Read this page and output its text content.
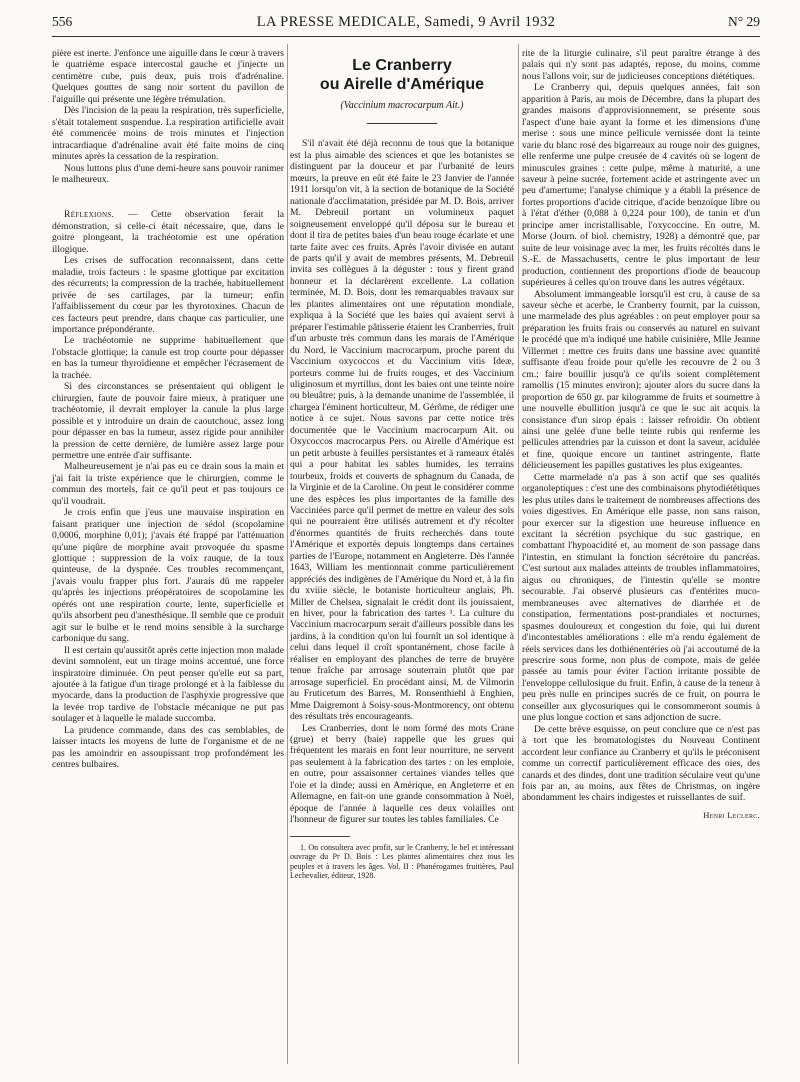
556	LA PRESSE MEDICALE, Samedi, 9 Avril 1932	N° 29

pière est inerte. J'enfonce une aiguille dans le cœur à travers le quatrième espace intercostal gauche et j'injecte un centimètre cube, puis deux, puis trois d'adrénaline. Quelques gouttes de sang noir sortent du pavillon de l'aiguille qui présente une légère trémulation.

Dès l'incision de la peau la respiration, très superficielle, s'était totalement suspendue. La respiration artificielle avait été commencée moins de trois minutes et l'injection intracardiaque d'adrénaline avait été faite moins de cinq minutes après la cessation de la respiration.

Nous luttons plus d'une demi-heure sans pouvoir ranimer le malheureux.

Réflexions. — Cette observation ferait la démonstration, si celle-ci était nécessaire, que, dans le goitre plongeant, la trachéotomie est une opération illogique.

Les crises de suffocation reconnaissent, dans cette maladie, trois facteurs : le spasme glottique par excitation des récurrents; la compression de la trachée, habituellement privée de ses cartilages, par la tumeur; enfin l'affaiblissement du cœur par les thyrotoxines. Chacun de ces facteurs peut prendre, dans chaque cas particulier, une importance prépondérante.

Le trachéotomie ne supprime habituellement que l'obstacle glottique; la canule est trop courte pour dépasser en bas la tumeur thyroïdienne et empêcher l'écrasement de la trachée.

Si des circonstances se présentaient qui obligent le chirurgien, faute de pouvoir faire mieux, à pratiquer une trachéotomie, il devrait employer la canule la plus large possible et y introduire un drain de caoutchouc, assez long pour dépasser en bas la tumeur, assez rigide pour annihiler la pression de cette dernière, de lumière assez large pour permettre une entrée d'air suffisante.

Malheureusement je n'ai pas eu ce drain sous la main et j'ai fait la triste expérience que le chirurgien, comme le commun des mortels, fait ce qu'il peut et pas toujours ce qu'il voudrait.

Je crois enfin que j'eus une mauvaise inspiration en faisant pratiquer une injection de sédol (scopolamine 0,0006, morphine 0,01); j'avais été frappé par l'atténuation qu'une piqûre de morphine avait provoquée du spasme glottique : suppression de la voix rauque, de la toux quinteuse, de la dyspnée. Ces troubles recommençant, j'avais voulu frapper plus fort. J'aurais dû me rappeler qu'après les injections préopératoires de scopolamine les opérés ont une respiration courte, lente, superficielle et qu'ils absorbent peu d'anesthésique. Il semble que ce produit agit sur le bulbe et le rend moins sensible à la surcharge carbonique du sang.

Il est certain qu'aussitôt après cette injection mon malade devint somnolent, eut un tirage moins accentué, une force inspiratoire diminuée. On peut penser qu'elle eut sa part, ajoutée à la fatigue d'un tirage prolongé et à la faiblesse du myocarde, dans la production de l'asphyxie progressive que la levée trop tardive de l'obstacle mécanique ne put pas soulager et à laquelle le malade succomba.

La prudence commande, dans des cas semblables, de laisser intacts les moyens de lutte de l'organisme et de ne pas les amoindrir en assoupissant trop profondément les centres bulbaires.

Le Cranberry
ou Airelle d'Amérique
(Vaccinium macrocarpum Ait.)

S'il n'avait été déjà reconnu de tous que la botanique est la plus aimable des sciences et que les botanistes se distinguent par la douceur et par l'urbanité de leurs mœurs, la preuve en eût été faite le 23 Janvier de l'année 1911 lorsqu'on vit, à la section de botanique de la Société nationale d'acclimatation, présidée par M. D. Bois, arriver M. Debreuil portant un volumineux paquet soigneusement enveloppé qu'il déposa sur le bureau et dont il tira de petites baies d'un beau rouge écarlate et une tarte faite avec ces fruits. Après l'avoir divisée en autant de parts qu'il y avait de membres présents, M. Debreuil invita ses collègues à la déguster : tous y firent grand honneur et la déclarèrent excellente. La collation terminée, M. D. Bois, dont les remarquables travaux sur les plantes alimentaires ont une réputation mondiale, expliqua à la Société que les baies qui avaient servi à préparer l'estimable pâtisserie étaient les Cranberries, fruit d'un arbuste très commun dans les marais de l'Amérique du Nord, le Vaccinium macrocarpum, proche parent du Vaccinium oxycoccos et du Vaccinium vitis Ideæ, porteurs comme lui de fruits rouges, et des Vaccinium uliginosum et myrtillus, dont les baies ont une teinte noire ou bleuâtre; puis, à la demande unanime de l'assemblée, il chargea l'éminent horticulteur, M. Gérôme, de rédiger une notice à ce sujet. Nous savons par cette notice très documentée que le Vaccinium macrocarpum Ait. ou Oxycoccos macrocarpus Pers. ou Airelle d'Amérique est un petit arbuste à feuilles persistantes et à rameaux étalés qui a pour habitat les sables humides, les terrains tourbeux, froids et couverts de sphagnum du Canada, de la Virginie et de la Caroline. On peut le considérer comme une des espèces les plus importantes de la famille des Vacciniées parce qu'il permet de mettre en valeur des sols qui ne pourraient être utilisés autrement et d'y récolter d'énormes quantités de fruits recherchés dans toute l'Amérique et exportés depuis longtemps dans certaines parties de l'Europe, notamment en Angleterre. Dès l'année 1643, William les mentionnait comme particulièrement appréciés des indigènes de l'Amérique du Nord et, à la fin du xviiie siècle, le botaniste horticulteur anglais, Ph. Miller de Chelsea, signalait le crédit dont ils jouissaient, en hiver, pour la fabrication des tartes ¹. La culture du Vaccinium macrocarpum serait d'ailleurs possible dans les jardins, à la condition qu'on lui fournît un sol identique à celui dans lequel il croît spontanément, chose facile à réaliser en employant des planches de terre de bruyère tenue fraîche par arrosage souterrain plutôt que par arrosage superficiel. En procédant ainsi, M. de Vilmorin au Fruticetum des Barres, M. Ronsenthiehl à Enghien, Mme Daigremont à Soisy-sous-Montmorency, ont obtenu des résultats très encourageants.

Les Cranberries, dont le nom formé des mots Crane (grue) et berry (baie) rappelle que les grues qui fréquentent les marais en font leur nourriture, ne servent pas seulement à la fabrication des tartes : on les emploie, en outre, pour assaisonner certaines viandes telles que l'oie et la dinde; aussi en Amérique, en Angleterre et en Allemagne, en fait-on une grande consommation à Noël, époque de l'année à laquelle ces deux volailles ont l'honneur de figurer sur toutes les tables familiales. Ce

1. On consultera avec profit, sur le Cranberry, le bel et intéressant ouvrage du Pr D. Bois : Les plantes alimentaires chez tous les peuples et à travers les âges. Vol. II : Phanérogames fruitières, Paul Lechevalier, éditeur, 1928.

rite de la liturgie culinaire, s'il peut paraître étrange à des palais qui n'y sont pas adaptés, repose, du moins, comme nous l'allons voir, sur de judicieuses conceptions diététiques.

Le Cranberry qui, depuis quelques années, fait son apparition à Paris, au mois de Décembre, dans la plupart des grandes maisons d'approvisionnement, se présente sous l'aspect d'une baie ayant la forme et les dimensions d'une merise : sous une mince pellicule vernissée dont la teinte varie du blanc rosé des bigarreaux au rouge noir des guignes, elle renferme une pulpe creusée de 4 cavités où se logent de minuscules graines : cette pulpe, même à maturité, a une saveur à peine sucrée, fortement acide et astringente avec un peu d'amertume; l'analyse chimique y a établi la présence de fortes proportions d'acide citrique, d'acide benzoïque libre ou à l'état d'éther (0,088 à 0,224 pour 100), de tanin et d'un principe amer incristallisable, l'oxycoccine. En outre, M. Morse (Journ. of biol. chemistry, 1928) a démontré que, par suite de leur voisinage avec la mer, les fruits récoltés dans le S.-E. de Massachusetts, centre le plus important de leur production, contiennent des proportions d'iode de beaucoup supérieures à celles qu'on trouve dans les autres végétaux.

Absolument immangeable lorsqu'il est cru, à cause de sa saveur sèche et acerbe, le Cranberry fournit, par la cuisson, une marmelade des plus agréables : on peut employer pour sa préparation les fruits frais ou conservés au naturel en suivant le procédé que m'a indiqué une habile cuisinière, Mlle Jeanne Villermet : mettre ces fruits dans une bassine avec quantité suffisante d'eau froide pour qu'elle les recouvre de 2 ou 3 cm.; faire bouillir jusqu'à ce qu'ils soient complètement ramollis (15 minutes environ); ajouter alors du sucre dans la proportion de 650 gr. par kilogramme de fruits et soumettre à une nouvelle ébullition jusqu'à ce que le suc ait acquis la consistance d'un sirop épais : laisser refroidir. On obtient ainsi une gelée d'une belle teinte rubis qui renferme les pellicules attendries par la cuisson et dont la saveur, acidulée et fine, quoique encore un tantinet astringente, flatte délicieusement les papilles gustatives les plus exigeantes.

Cette marmelade n'a pas à son actif que ses qualités organoleptiques : c'est une des combinaisons phytodiététiques les plus utiles dans le traitement de nombreuses affections des voies digestives. En Amérique elle passe, non sans raison, pour exercer sur la digestion une heureuse influence en excitant la sécrétion psychique du suc gastrique, en combattant l'hypoacidité et, au moment de son passage dans l'intestin, en stimulant la fonction sécrétoire du pancréas. C'est surtout aux malades atteints de troubles inflammatoires, aigus ou chroniques, de l'intestin qu'elle se montre secourable. J'ai observé plusieurs cas d'entérites muco-membraneuses avec alternatives de diarrhée et de constipation, fermentations post-prandiales et nocturnes, spasmes douloureux et congestion du foie, qui lui durent d'incontestables améliorations : elle m'a rendu également de réels services dans les dothiénentéries où j'ai accoutumé de la prescrire sous forme, non plus de compote, mais de gelée passée au tamis pour éviter l'action irritante possible de l'enveloppe cellulosique du fruit. Enfin, à cause de la teneur à peu près nulle en principes sucrés de ce fruit, on pourra le conseiller aux glycosuriques qui le consommeront soumis à une plus longue coction et sans adjonction de sucre.

De cette brève esquisse, on peut conclure que ce n'est pas à tort que les bromatologistes du Nouveau Continent accordent leur confiance au Cranberry et qu'ils le préconisent comme un correctif particulièrement efficace des oies, des canards et des dindes, dont une tradition séculaire veut qu'une fois par an, au moins, aux fêtes de Christmas, on ingère abondamment les chairs indigestes et ruissellantes de suif.

Henri Leclerc.
